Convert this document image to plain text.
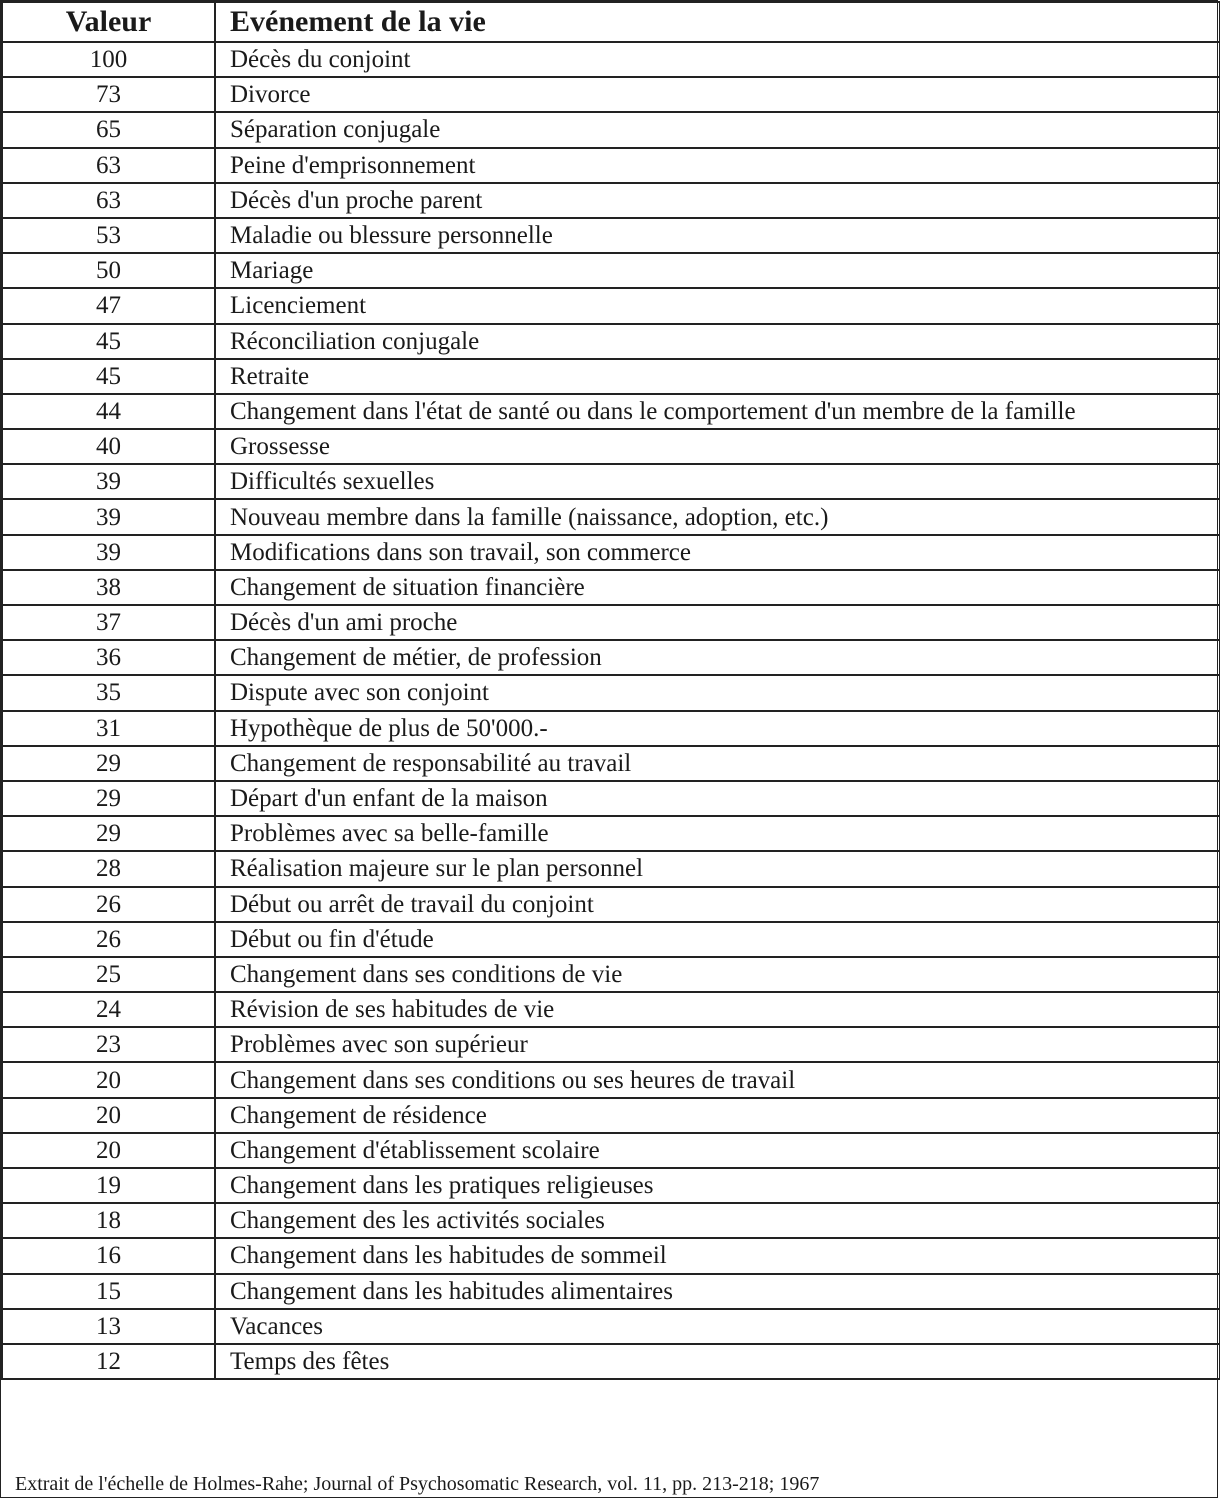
Valeur	Evénement de la vie
100	Décès du conjoint
73	Divorce
65	Séparation conjugale
63	Peine d'emprisonnement
63	Décès d'un proche parent
53	Maladie ou blessure personnelle
50	Mariage
47	Licenciement
45	Réconciliation conjugale
45	Retraite
44	Changement dans l'état de santé ou dans le comportement d'un membre de la famille
40	Grossesse
39	Difficultés sexuelles
39	Nouveau membre dans la famille (naissance, adoption, etc.)
39	Modifications dans son travail, son commerce
38	Changement de situation financière
37	Décès d'un ami proche
36	Changement de métier, de profession
35	Dispute avec son conjoint
31	Hypothèque de plus de 50'000.-
29	Changement de responsabilité au travail
29	Départ d'un enfant de la maison
29	Problèmes avec sa belle-famille
28	Réalisation majeure sur le plan personnel
26	Début ou arrêt de travail du conjoint
26	Début ou fin d'étude
25	Changement dans ses conditions de vie
24	Révision de ses habitudes de vie
23	Problèmes avec son supérieur
20	Changement dans ses conditions ou ses heures de travail
20	Changement de résidence
20	Changement d'établissement scolaire
19	Changement dans les pratiques religieuses
18	Changement des les activités sociales
16	Changement dans les habitudes de sommeil
15	Changement dans les habitudes alimentaires
13	Vacances
12	Temps des fêtes
Extrait de l'échelle de Holmes-Rahe; Journal of Psychosomatic Research, vol. 11, pp. 213-218; 1967
